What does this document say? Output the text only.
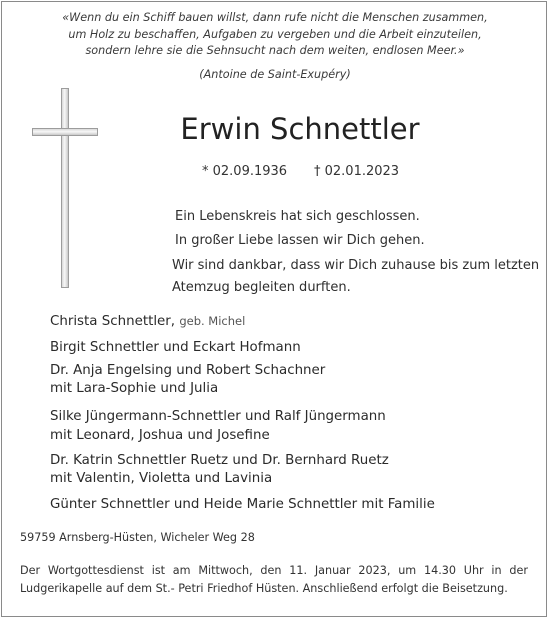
«Wenn du ein Schiff bauen willst, dann rufe nicht die Menschen zusammen,
um Holz zu beschaffen, Aufgaben zu vergeben und die Arbeit einzuteilen,
sondern lehre sie die Sehnsucht nach dem weiten, endlosen Meer.»
(Antoine de Saint-Exupéry)
Erwin Schnettler
* 02.09.1936 † 02.01.2023
Ein Lebenskreis hat sich geschlossen.
In großer Liebe lassen wir Dich gehen.
Wir sind dankbar, dass wir Dich zuhause bis zum letzten
Atemzug begleiten durften.
Christa Schnettler, geb. Michel
Birgit Schnettler und Eckart Hofmann
Dr. Anja Engelsing und Robert Schachner
mit Lara-Sophie und Julia
Silke Jüngermann-Schnettler und Ralf Jüngermann
mit Leonard, Joshua und Josefine
Dr. Katrin Schnettler Ruetz und Dr. Bernhard Ruetz
mit Valentin, Violetta und Lavinia
Günter Schnettler und Heide Marie Schnettler mit Familie
59759 Arnsberg-Hüsten, Wicheler Weg 28
Der Wortgottesdienst ist am Mittwoch, den 11. Januar 2023, um 14.30 Uhr in der
Ludgerikapelle auf dem St.- Petri Friedhof Hüsten. Anschließend erfolgt die Beisetzung.
